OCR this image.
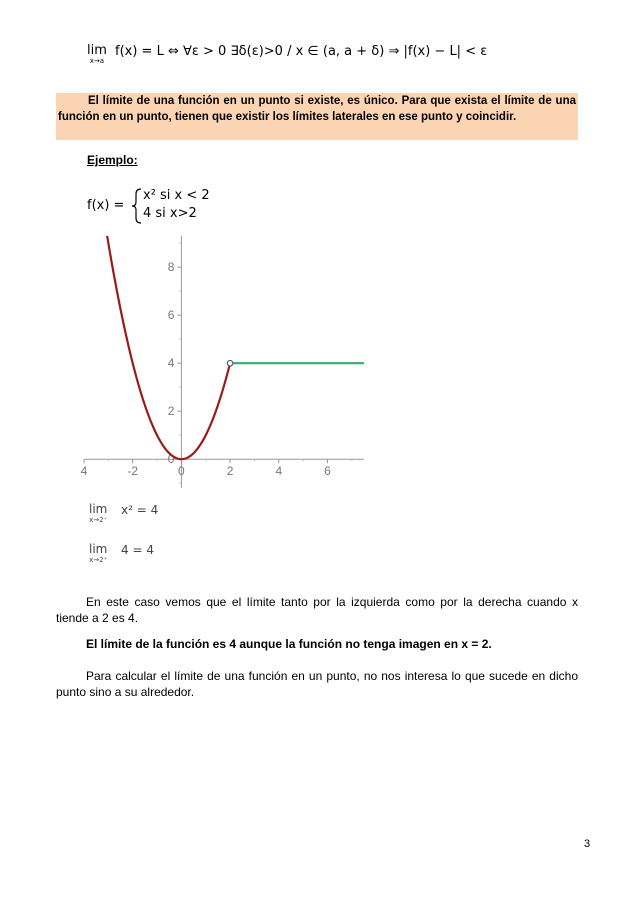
lim
x→a
f(x) = L ⇔ ∀ε > 0 ∃δ(ε)>0 / x ∈ (a, a + δ) ⇒ |f(x) − L| < ε
El límite de una función en un punto si existe, es único. Para que exista el límite de una función en un punto, tienen que existir los límites laterales en ese punto y coincidir.
Ejemplo:
f(x) =
x² si x < 2
4 si x>2
4	-2	0	2	4	6
0
2
4
6
8
lim
x→2⁻
x² = 4
lim
x→2⁺
4 = 4
En este caso vemos que el límite tanto por la izquierda como por la derecha cuando x tiende a 2 es 4.
El límite de la función es 4 aunque la función no tenga imagen en x = 2.
Para calcular el límite de una función en un punto, no nos interesa lo que sucede en dicho punto sino a su alrededor.
3
